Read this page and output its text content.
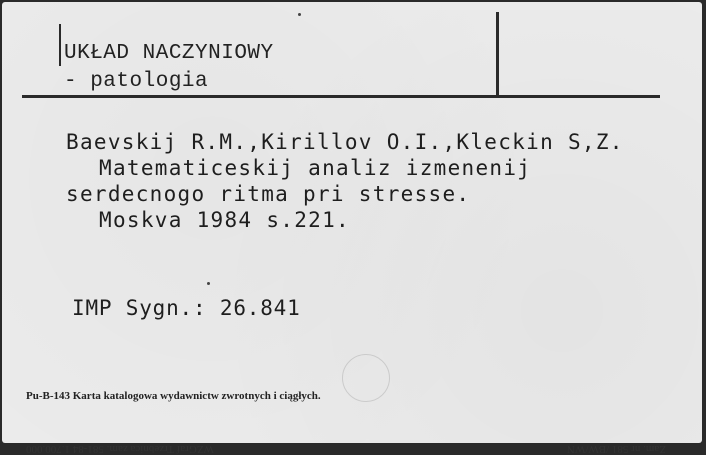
UKŁAD NACZYNIOWY
- patologia
Baevskij R.M.,Kirillov O.I.,Kleckin S,Z.
Matematiceskij analiz izmenenij
serdecnogo ritma pri stresse.
Moskva 1984 s.221.
IMP Sygn.: 26.841
Pu-B-143 Karta katalogowa wydawnictw zwrotnych i ciągłych.

WZGraf Trzebnica zam. 581-84 1.700.000

	Zam. nr 581 /BW/WN
